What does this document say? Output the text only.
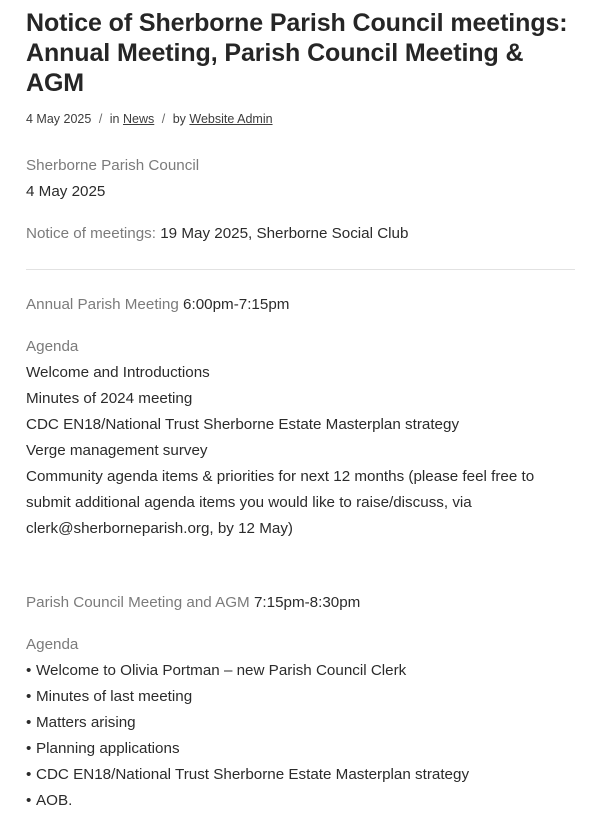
Notice of Sherborne Parish Council meetings: Annual Meeting, Parish Council Meeting & AGM
4 May 2025 / in News / by Website Admin

Sherborne Parish Council

4 May 2025

Notice of meetings: 19 May 2025, Sherborne Social Club

Annual Parish Meeting 6:00pm-7:15pm

Agenda

Welcome and Introductions

Minutes of 2024 meeting

CDC EN18/National Trust Sherborne Estate Masterplan strategy

Verge management survey

Community agenda items & priorities for next 12 months (please feel free to submit additional agenda items you would like to raise/discuss, via clerk@sherborneparish.org, by 12 May)

Parish Council Meeting and AGM 7:15pm-8:30pm

Agenda

• Welcome to Olivia Portman – new Parish Council Clerk

• Minutes of last meeting

• Matters arising

• Planning applications

• CDC EN18/National Trust Sherborne Estate Masterplan strategy

• AOB.
